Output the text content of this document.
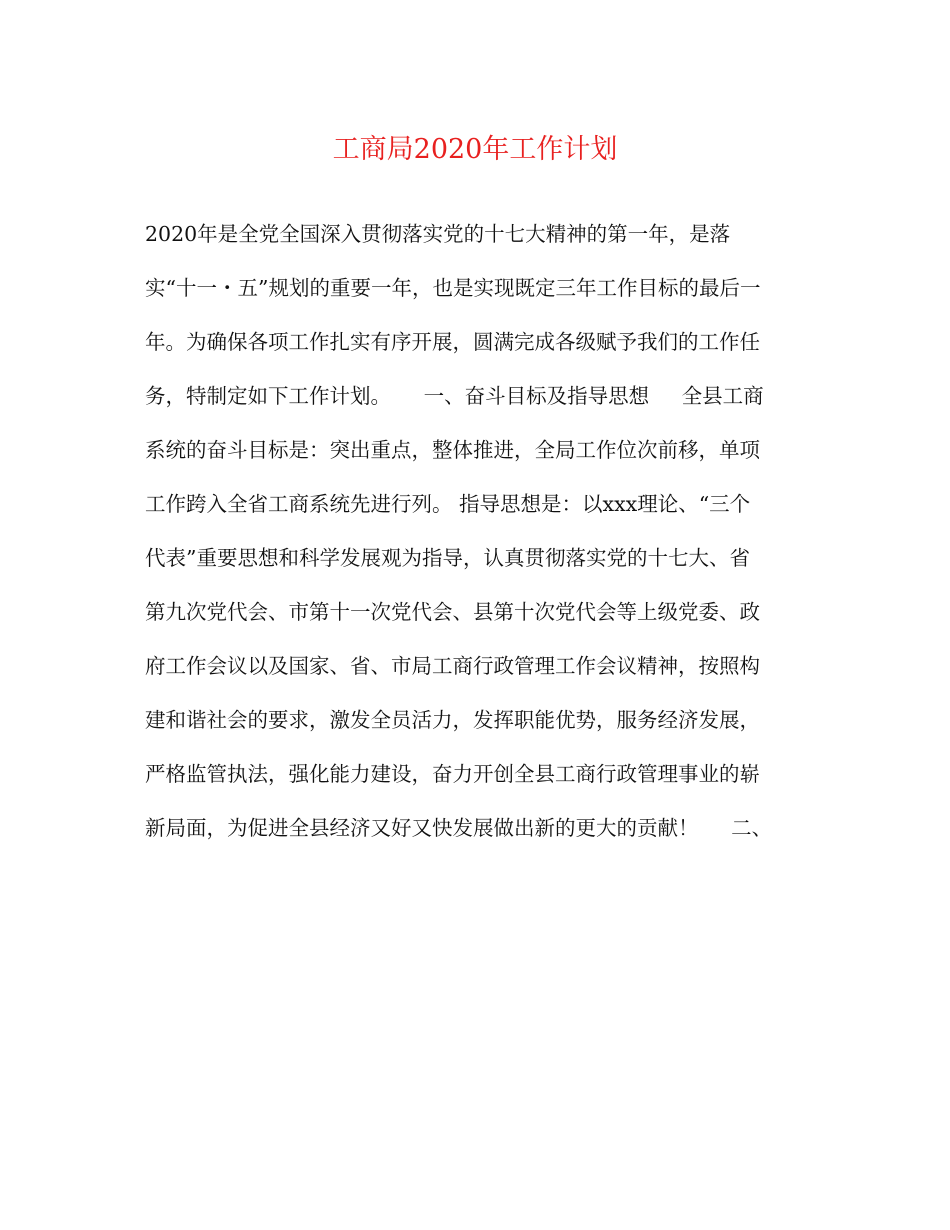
工商局2020年工作计划
2020年是全党全国深入贯彻落实党的十七大精神的第一年，是落
实“十一・五”规划的重要一年，也是实现既定三年工作目标的最后一
年。为确保各项工作扎实有序开展，圆满完成各级赋予我们的工作任
务，特制定如下工作计划。     一、奋斗目标及指导思想     全县工商
系统的奋斗目标是：突出重点，整体推进，全局工作位次前移，单项
工作跨入全省工商系统先进行列。 指导思想是：以xxx理论、“三个
代表”重要思想和科学发展观为指导，认真贯彻落实党的十七大、省
第九次党代会、市第十一次党代会、县第十次党代会等上级党委、政
府工作会议以及国家、省、市局工商行政管理工作会议精神，按照构
建和谐社会的要求，激发全员活力，发挥职能优势，服务经济发展，
严格监管执法，强化能力建设，奋力开创全县工商行政管理事业的崭
新局面，为促进全县经济又好又快发展做出新的更大的贡献！     二、
